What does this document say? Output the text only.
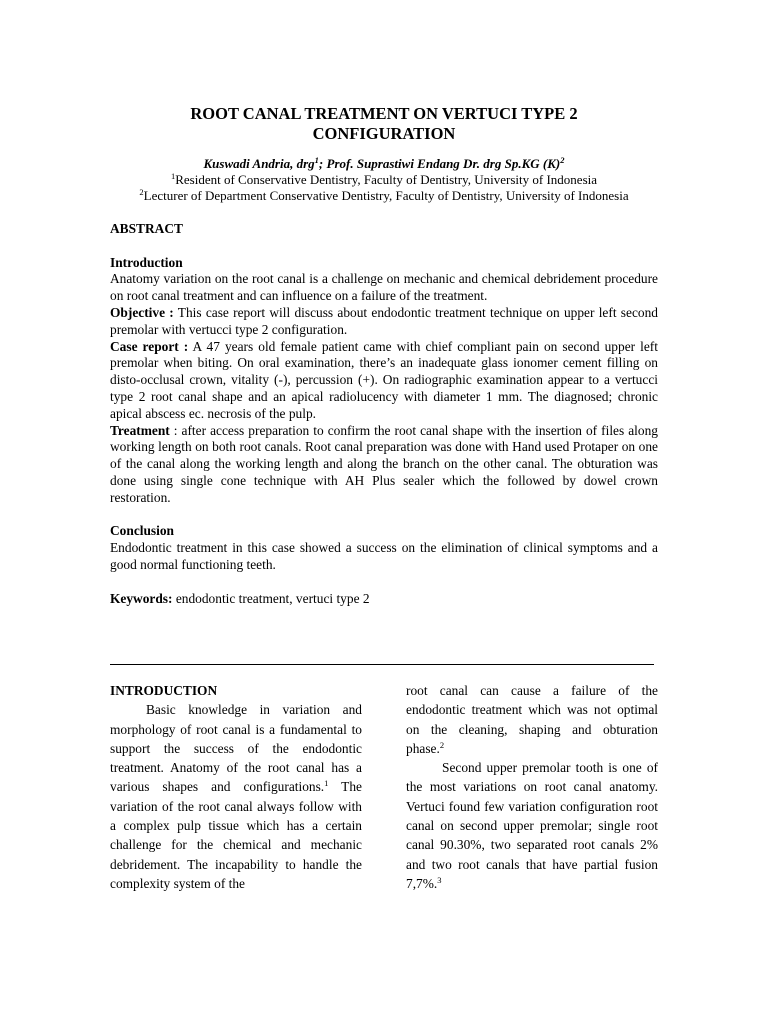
ROOT CANAL TREATMENT ON VERTUCI TYPE 2
CONFIGURATION
Kuswadi Andria, drg$^1$; Prof. Suprastiwi Endang Dr. drg Sp.KG $(K)^2$
$^1$Resident of Conservative Dentistry, Faculty of Dentistry, University of Indonesia
$^2$Lecturer of Department Conservative Dentistry, Faculty of Dentistry, University of Indonesia
ABSTRACT
Introduction

Anatomy variation on the root canal is a challenge on mechanic and chemical debridement procedure on root canal treatment and can influence on a failure of the treatment.

Objective : This case report will discuss about endodontic treatment technique on upper left second premolar with vertucci type 2 configuration.

Case report : A 47 years old female patient came with chief compliant pain on second upper left premolar when biting. On oral examination, there’s an inadequate glass ionomer cement filling on disto-occlusal crown, vitality (-), percussion (+). On radiographic examination appear to a vertucci type 2 root canal shape and an apical radiolucency with diameter 1 mm. The diagnosed; chronic apical abscess ec. necrosis of the pulp.

Treatment : after access preparation to confirm the root canal shape with the insertion of files along working length on both root canals. Root canal preparation was done with Hand used Protaper on one of the canal along the working length and along the branch on the other canal. The obturation was done using single cone technique with AH Plus sealer which the followed by dowel crown restoration.

Conclusion

Endodontic treatment in this case showed a success on the elimination of clinical symptoms and a good normal functioning teeth.

Keywords: endodontic treatment, vertuci type 2

INTRODUCTION

Basic knowledge in variation and morphology of root canal is a fundamental to support the success of the endodontic treatment. Anatomy of the root canal has a various shapes and configurations.$^1$ The variation of the root canal always follow with a complex pulp tissue which has a certain challenge for the chemical and mechanic debridement. The incapability to handle the complexity system of the

root canal can cause a failure of the endodontic treatment which was not optimal on the cleaning, shaping and obturation phase.$^2$

Second upper premolar tooth is one of the most variations on root canal anatomy. Vertuci found few variation configuration root canal on second upper premolar; single root canal 90.30%, two separated root canals 2% and two root canals that have partial fusion 7,7%.$^3$
